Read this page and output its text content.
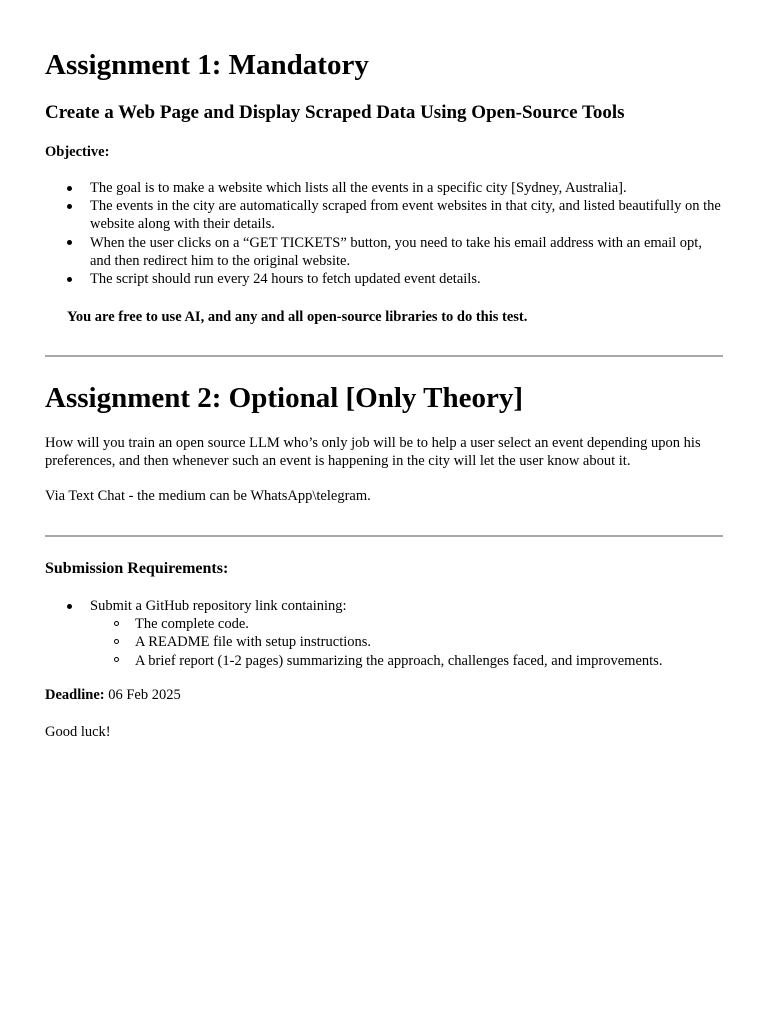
Assignment 1: Mandatory
Create a Web Page and Display Scraped Data Using Open-Source Tools
Objective:
The goal is to make a website which lists all the events in a specific city [Sydney, Australia].
The events in the city are automatically scraped from event websites in that city, and listed beautifully on the website along with their details.
When the user clicks on a “GET TICKETS” button, you need to take his email address with an email opt, and then redirect him to the original website.
The script should run every 24 hours to fetch updated event details.
You are free to use AI, and any and all open-source libraries to do this test.
Assignment 2: Optional [Only Theory]
How will you train an open source LLM who’s only job will be to help a user select an event depending upon his preferences, and then whenever such an event is happening in the city will let the user know about it.
Via Text Chat - the medium can be WhatsApp\telegram.
Submission Requirements:
Submit a GitHub repository link containing:
The complete code.
A README file with setup instructions.
A brief report (1-2 pages) summarizing the approach, challenges faced, and improvements.
Deadline: 06 Feb 2025
Good luck!
